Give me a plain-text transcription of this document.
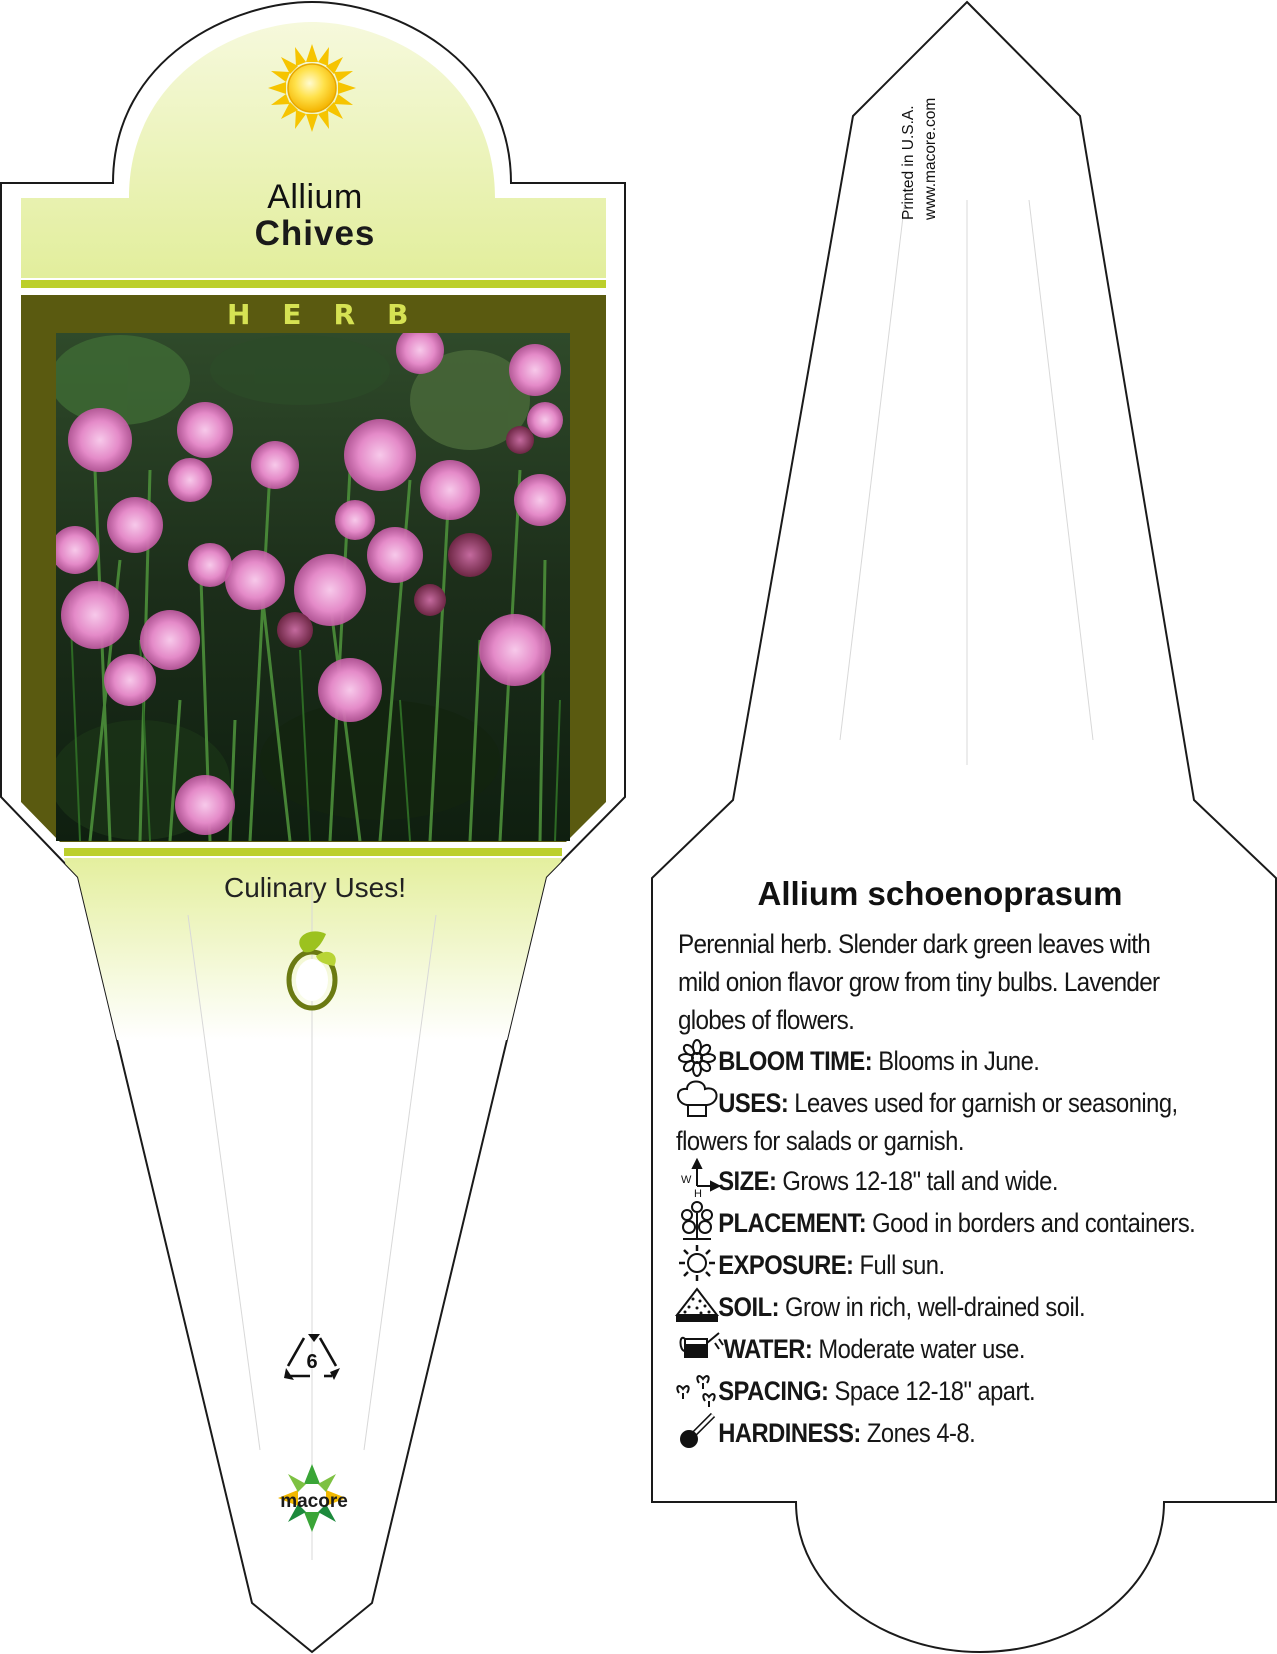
Allium
Chives
HERB
Culinary Uses!
6
macore
Printed in U.S.A. www.macore.com
Allium schoenoprasum
Perennial herb. Slender dark green leaves with mild onion flavor grow from tiny bulbs. Lavender globes of flowers.
BLOOM TIME: Blooms in June.
USES: Leaves used for garnish or seasoning,
flowers for salads or garnish.
SIZE: Grows 12-18" tall and wide.
PLACEMENT: Good in borders and containers.
EXPOSURE: Full sun.
SOIL: Grow in rich, well-drained soil.
WATER: Moderate water use.
SPACING: Space 12-18" apart.
HARDINESS: Zones 4-8.
W
H
